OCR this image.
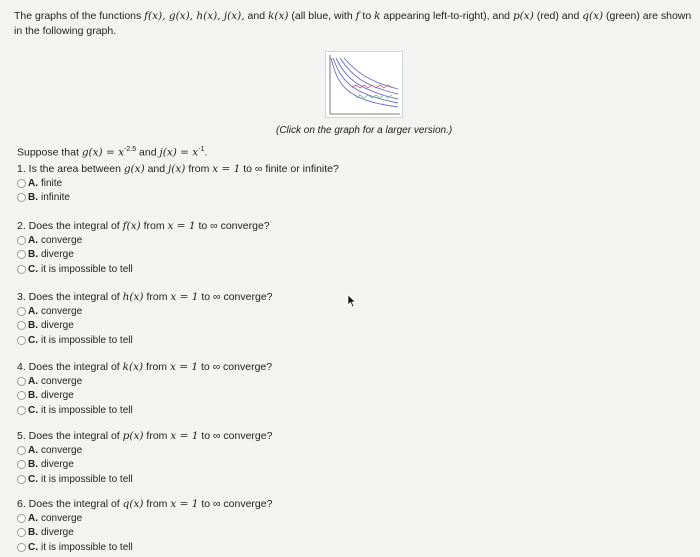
The graphs of the functions f(x), g(x), h(x), j(x), and k(x) (all blue, with f to k appearing left-to-right), and p(x) (red) and q(x) (green) are shown in the following graph.
(Click on the graph for a larger version.)
Suppose that $g(x) = x^{-2.5}$ and $j(x) = x^{-1}$.
1. Is the area between g(x) and j(x) from x = 1 to ∞ finite or infinite?
A. finite
B. infinite
2. Does the integral of f(x) from x = 1 to ∞ converge?
A. converge
B. diverge
C. it is impossible to tell
3. Does the integral of h(x) from x = 1 to ∞ converge?
A. converge
B. diverge
C. it is impossible to tell
4. Does the integral of k(x) from x = 1 to ∞ converge?
A. converge
B. diverge
C. it is impossible to tell
5. Does the integral of p(x) from x = 1 to ∞ converge?
A. converge
B. diverge
C. it is impossible to tell
6. Does the integral of q(x) from x = 1 to ∞ converge?
A. converge
B. diverge
C. it is impossible to tell
